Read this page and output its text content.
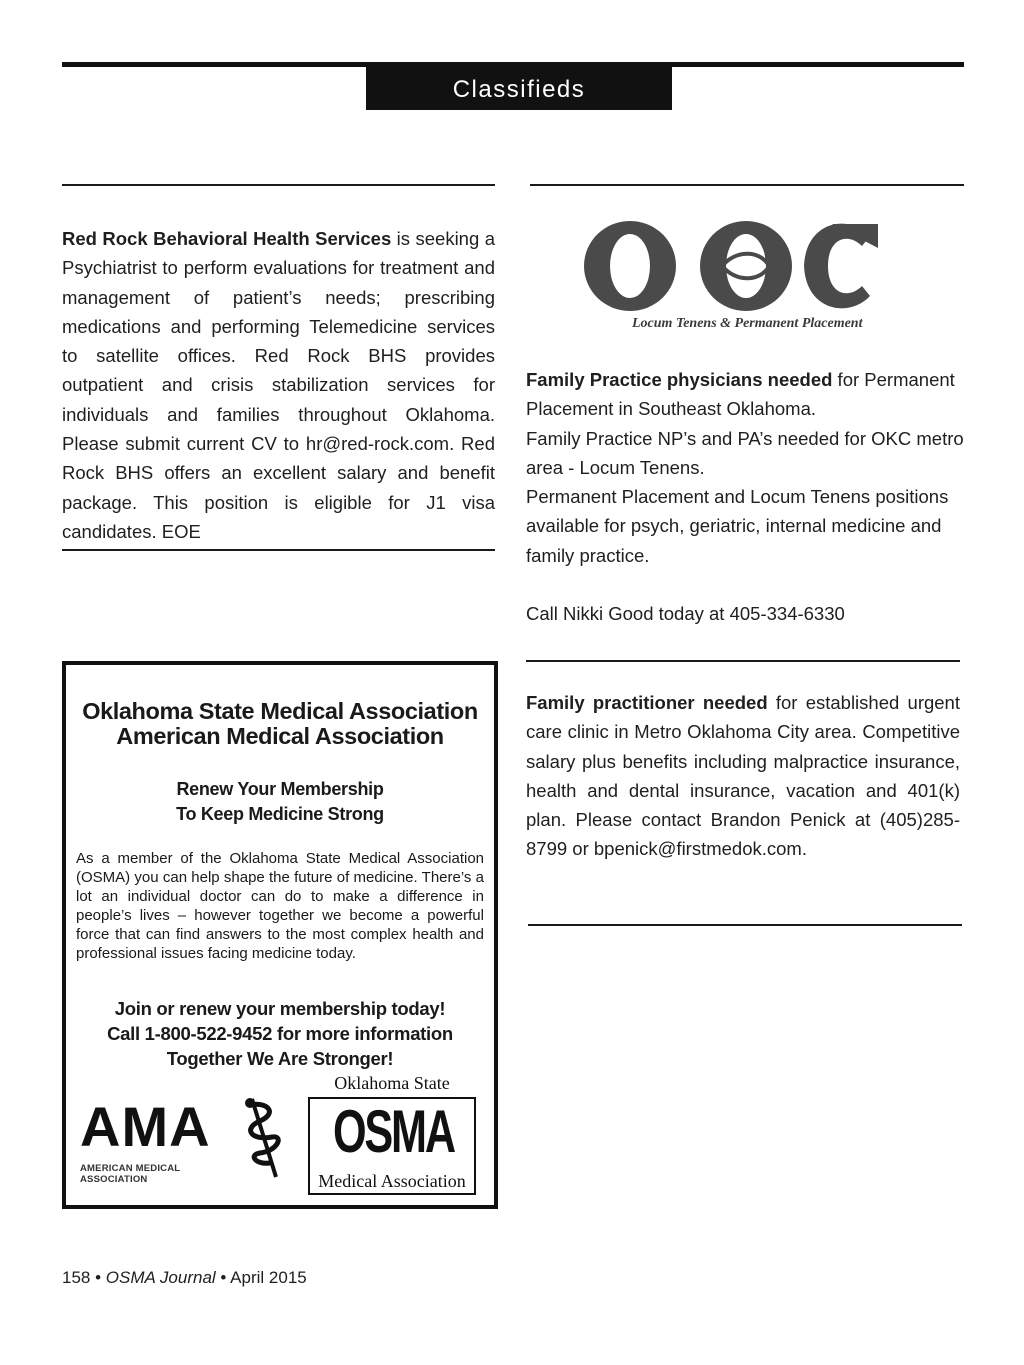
Classifieds
Red Rock Behavioral Health Services is seeking a Psychiatrist to perform evaluations for treatment and management of patient’s needs; prescribing medications and performing Telemedicine services to satellite offices. Red Rock BHS provides outpatient and crisis stabilization services for individuals and families throughout Oklahoma. Please submit current CV to hr@red-rock.com. Red Rock BHS offers an excellent salary and benefit package. This position is eligible for J1 visa candidates. EOE
Locum Tenens & Permanent Placement
Family Practice physicians needed for Permanent Placement in Southeast Oklahoma.
Family Practice NP’s and PA’s needed for OKC metro area - Locum Tenens.
Permanent Placement and Locum Tenens positions available for psych, geriatric, internal medicine and family practice.
Call Nikki Good today at 405-334-6330
Family practitioner needed for established urgent care clinic in Metro Oklahoma City area. Competitive salary plus benefits including malpractice insurance, health and dental insurance, vacation and 401(k) plan. Please contact Brandon Penick at (405)285-8799 or bpenick@firstmedok.com.
Oklahoma State Medical Association
American Medical Association
Renew Your Membership
To Keep Medicine Strong
As a member of the Oklahoma State Medical Association (OSMA) you can help shape the future of medicine. There’s a lot an individual doctor can do to make a difference in people’s lives – however together we become a powerful force that can find answers to the most complex health and professional issues facing medicine today.
Join or renew your membership today!
Call 1-800-522-9452 for more information
Together We Are Stronger!
AMA
AMERICAN MEDICAL ASSOCIATION
Oklahoma State
OSMA
Medical Association
158 • OSMA Journal • April 2015
